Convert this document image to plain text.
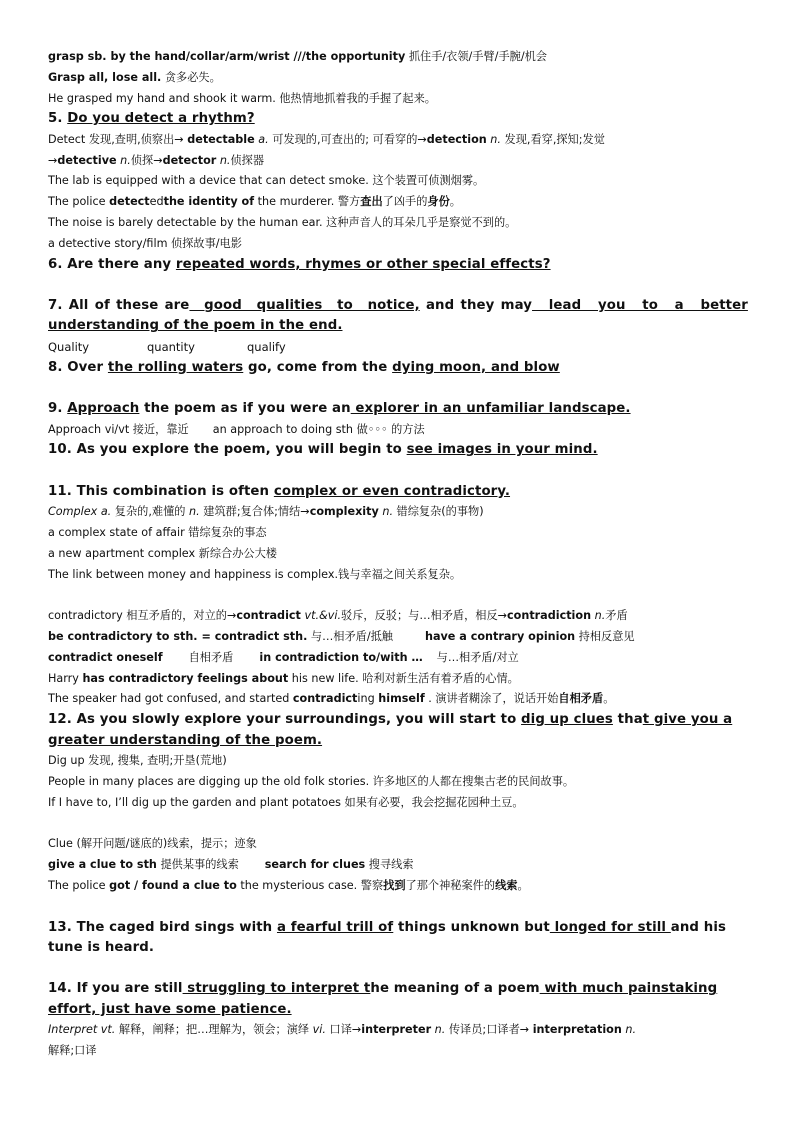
grasp sb. by the hand/collar/arm/wrist ///the opportunity 抓住手/衣领/手臂/手腕/机会

Grasp all, lose all. 贪多必失。

He grasped my hand and shook it warm. 他热情地抓着我的手握了起来。

5. Do you detect a rhythm?

Detect 发现,查明,侦察出→ detectable a. 可发现的,可查出的; 可看穿的→detection n. 发现,看穿,探知;发觉

→detective n.侦探→detector n.侦探器

The lab is equipped with a device that can detect smoke. 这个装置可侦测烟雾。

The police detectedthe identity of the murderer. 警方查出了凶手的身份。

The noise is barely detectable by the human ear. 这种声音人的耳朵几乎是察觉不到的。

a detective story/film 侦探故事/电影

6. Are there any repeated words, rhymes or other special effects?

7. All of these are good qualities to notice, and they may lead you to a better

understanding of the poem in the end.

Quality	quantity	qualify

8. Over the rolling waters go, come from the dying moon, and blow

9. Approach the poem as if you were an explorer in an unfamiliar landscape.

Approach vi/vt 接近，靠近 an approach to doing sth 做◦◦◦ 的方法

10. As you explore the poem, you will begin to see images in your mind.

11. This combination is often complex or even contradictory.

Complex a. 复杂的,难懂的 n. 建筑群;复合体;情结→complexity n. 错综复杂(的事物)

a complex state of affair 错综复杂的事态

a new apartment complex 新综合办公大楼

The link between money and happiness is complex.钱与幸福之间关系复杂。

contradictory 相互矛盾的，对立的→contradict vt.&vi.驳斥，反驳；与…相矛盾，相反→contradiction n.矛盾

be contradictory to sth. = contradict sth. 与…相矛盾/抵触	have a contrary opinion 持相反意见

contradict oneself 自相矛盾 in contradiction to/with … 与…相矛盾/对立

Harry has contradictory feelings about his new life. 哈利对新生活有着矛盾的心情。

The speaker had got confused, and started contradicting himself . 演讲者糊涂了，说话开始自相矛盾。

12. As you slowly explore your surroundings, you will start to dig up clues that give you a

greater understanding of the poem.

Dig up 发现, 搜集, 查明;开垦(荒地)

People in many places are digging up the old folk stories. 许多地区的人都在搜集古老的民间故事。

If I have to, I’ll dig up the garden and plant potatoes 如果有必要，我会挖掘花园种土豆。

Clue (解开问题/谜底的)线索，提示；迹象

give a clue to sth 提供某事的线索 search for clues 搜寻线索

The police got / found a clue to the mysterious case. 警察找到了那个神秘案件的线索。

13. The caged bird sings with a fearful trill of things unknown but longed for still and his

tune is heard.

14. If you are still struggling to interpret the meaning of a poem with much painstaking

effort, just have some patience.

Interpret vt. 解释，阐释；把…理解为，领会；演绎 vi. 口译→interpreter n. 传译员;口译者→ interpretation n.

解释;口译
